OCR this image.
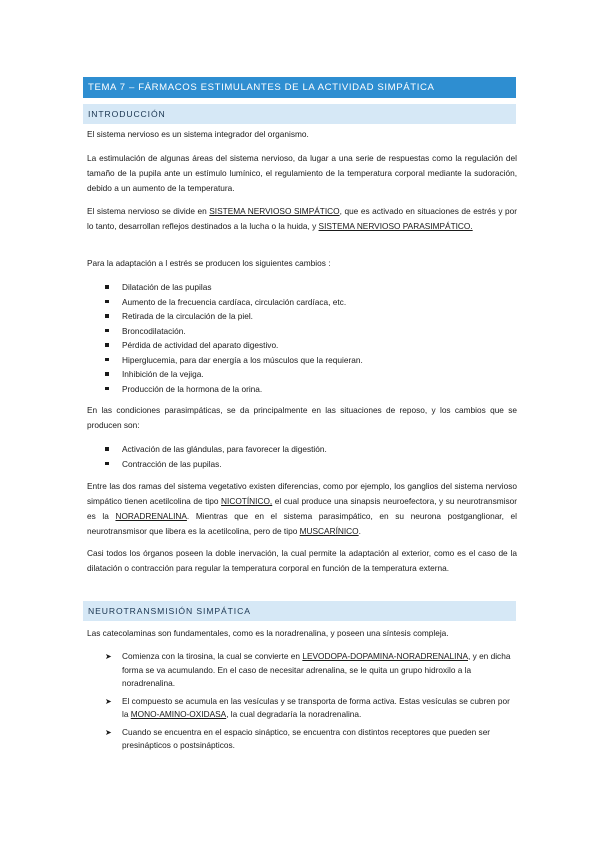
TEMA 7 – FÁRMACOS ESTIMULANTES DE LA ACTIVIDAD SIMPÁTICA
INTRODUCCIÓN
El sistema nervioso es un sistema integrador del organismo.
La estimulación de algunas áreas del sistema nervioso, da lugar a una serie de respuestas como la regulación del tamaño de la pupila ante un estímulo lumínico, el regulamiento de la temperatura corporal mediante la sudoración, debido a un aumento de la temperatura.
El sistema nervioso se divide en SISTEMA NERVIOSO SIMPÁTICO, que es activado en situaciones de estrés y por lo tanto, desarrollan reflejos destinados a la lucha o la huida, y SISTEMA NERVIOSO PARASIMPÁTICO.
Para la adaptación a l estrés se producen los siguientes cambios :
Dilatación de las pupilas
Aumento de la frecuencia cardíaca, circulación cardíaca, etc.
Retirada de la circulación de la piel.
Broncodilatación.
Pérdida de actividad del aparato digestivo.
Hiperglucemia, para dar energía a los músculos que la requieran.
Inhibición de la vejiga.
Producción de la hormona de la orina.
En las condiciones parasimpáticas, se da principalmente en las situaciones de reposo, y los cambios que se producen son:
Activación de las glándulas, para favorecer la digestión.
Contracción de las pupilas.
Entre las dos ramas del sistema vegetativo existen diferencias, como por ejemplo, los ganglios del sistema nervioso simpático tienen acetilcolina de tipo NICOTÍNICO, el cual produce una sinapsis neuroefectora, y su neurotransmisor es la NORADRENALINA. Mientras que en el sistema parasimpático, en su neurona postganglionar, el neurotransmisor que libera es la acetilcolina, pero de tipo MUSCARÍNICO.
Casi todos los órganos poseen la doble inervación, la cual permite la adaptación al exterior, como es el caso de la dilatación o contracción para regular la temperatura corporal en función de la temperatura externa.
NEUROTRANSMISIÓN SIMPÁTICA
Las catecolaminas son fundamentales, como es la noradrenalina, y poseen una síntesis compleja.
➤ Comienza con la tirosina, la cual se convierte en LEVODOPA-DOPAMINA-NORADRENALINA, y en dicha forma se va acumulando. En el caso de necesitar adrenalina, se le quita un grupo hidroxilo a la noradrenalina.
➤ El compuesto se acumula en las vesículas y se transporta de forma activa. Estas vesículas se cubren por la MONO-AMINO-OXIDASA, la cual degradaría la noradrenalina.
➤ Cuando se encuentra en el espacio sináptico, se encuentra con distintos receptores que pueden ser presinápticos o postsinápticos.
